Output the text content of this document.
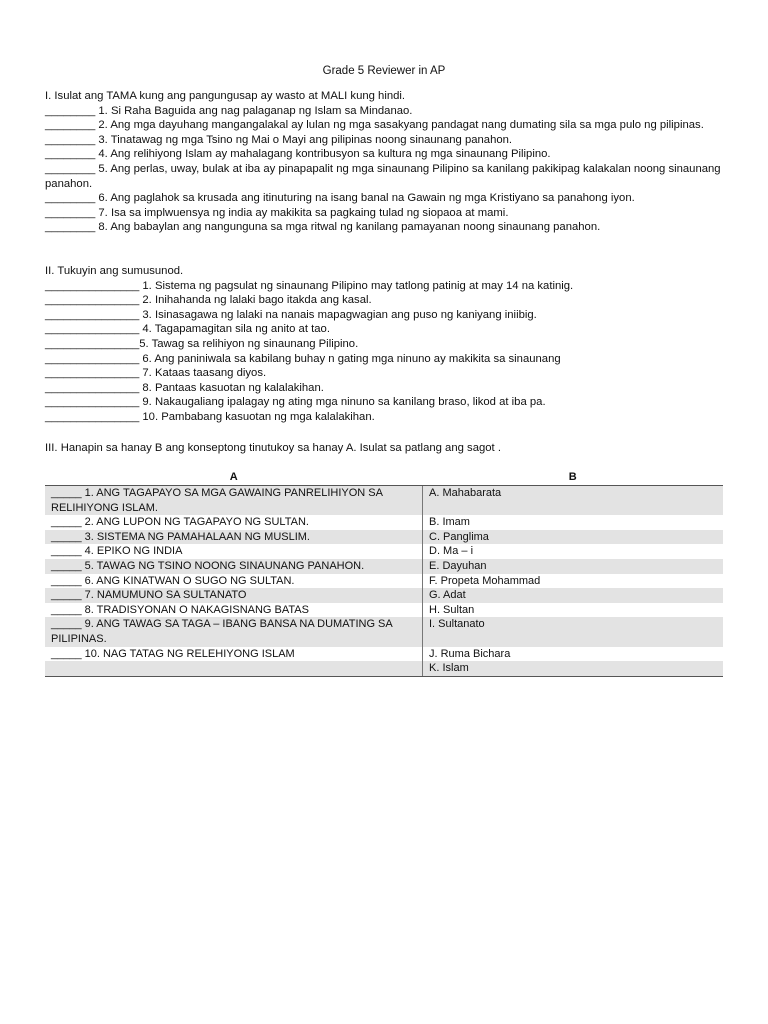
Grade 5 Reviewer in AP
I. Isulat ang TAMA kung ang pangungusap ay wasto at MALI kung hindi.
________ 1. Si Raha Baguida ang nag palaganap ng Islam sa Mindanao.
________ 2. Ang mga dayuhang mangangalakal ay lulan ng mga sasakyang pandagat nang dumating sila sa mga pulo ng pilipinas.
________ 3. Tinatawag ng mga Tsino ng Mai o Mayi ang pilipinas noong sinaunang panahon.
________ 4. Ang relihiyong Islam ay mahalagang kontribusyon sa kultura ng mga sinaunang Pilipino.
________ 5. Ang perlas, uway, bulak at iba ay pinapapalit ng mga sinaunang Pilipino sa kanilang pakikipag kalakalan noong sinaunang panahon.
________ 6. Ang paglahok sa krusada ang itinuturing na isang banal na Gawain ng mga Kristiyano sa panahong iyon.
________ 7. Isa sa implwuensya ng india ay makikita sa pagkaing tulad ng siopaoa at mami.
________ 8. Ang babaylan ang nangunguna sa mga ritwal ng kanilang pamayanan noong sinaunang panahon.
II. Tukuyin ang sumusunod.
_______________ 1. Sistema ng pagsulat ng sinaunang Pilipino may tatlong patinig at may 14 na katinig.
_______________ 2. Inihahanda ng lalaki bago itakda ang kasal.
_______________ 3. Isinasagawa ng lalaki na nanais mapagwagian ang puso ng kaniyang iniibig.
_______________ 4. Tagapamagitan sila ng anito at tao.
_______________5. Tawag sa relihiyon ng sinaunang Pilipino.
_______________ 6. Ang paniniwala sa kabilang buhay n gating mga ninuno ay makikita sa sinaunang
_______________ 7. Kataas taasang diyos.
_______________ 8. Pantaas kasuotan ng kalalakihan.
_______________ 9. Nakaugaliang ipalagay ng ating mga ninuno sa kanilang braso, likod at iba pa.
_______________ 10. Pambabang kasuotan ng mga kalalakihan.
III. Hanapin sa hanay B ang konseptong tinutukoy sa hanay A. Isulat sa patlang ang sagot .
A	B
_____ 1. ANG TAGAPAYO SA MGA GAWAING PANRELIHIYON SA RELIHIYONG ISLAM.	A. Mahabarata
_____ 2. ANG LUPON NG TAGAPAYO NG SULTAN.	B. Imam
_____ 3. SISTEMA NG PAMAHALAAN NG MUSLIM.	C. Panglima
_____ 4. EPIKO NG INDIA	D. Ma – i
_____ 5. TAWAG NG TSINO NOONG SINAUNANG PANAHON.	E. Dayuhan
_____ 6. ANG KINATWAN O SUGO NG SULTAN.	F. Propeta Mohammad
_____ 7. NAMUMUNO SA SULTANATO	G. Adat
_____ 8. TRADISYONAN O NAKAGISNANG BATAS	H. Sultan
_____ 9. ANG TAWAG SA TAGA – IBANG BANSA NA DUMATING SA PILIPINAS.	I. Sultanato
_____ 10. NAG TATAG NG RELEHIYONG ISLAM	J. Ruma Bichara
	K. Islam
